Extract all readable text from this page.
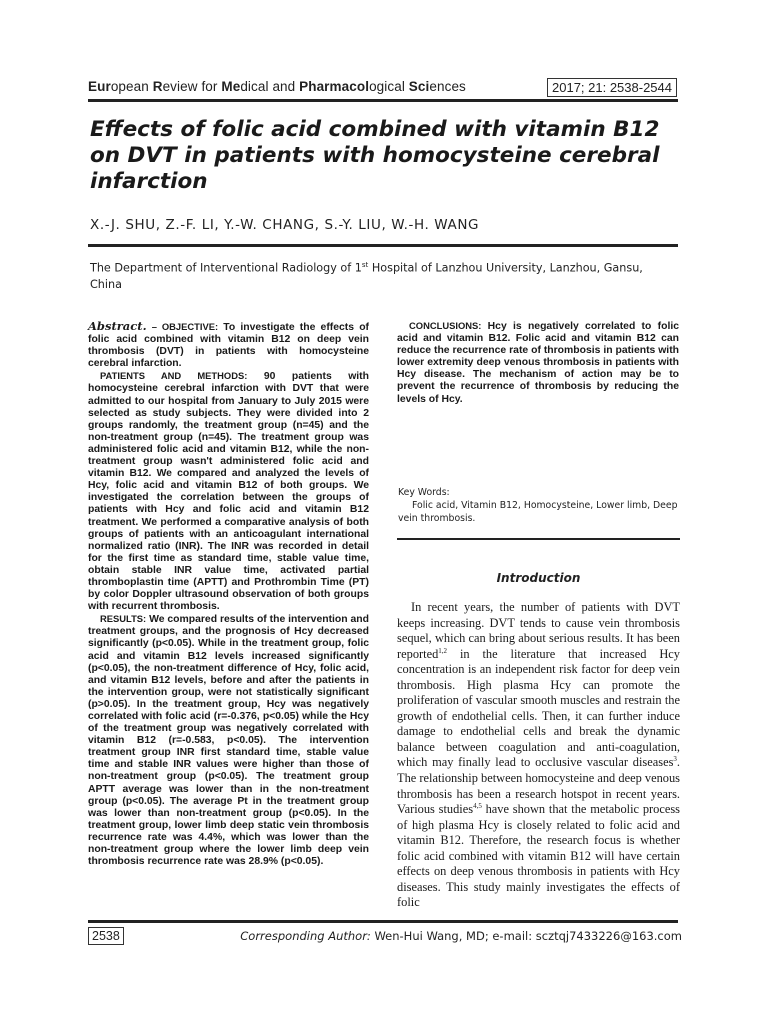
European Review for Medical and Pharmacological Sciences	2017; 21: 2538-2544
Effects of folic acid combined with vitamin B12 on DVT in patients with homocysteine cerebral infarction
X.-J. SHU, Z.-F. LI, Y.-W. CHANG, S.-Y. LIU, W.-H. WANG
The Department of Interventional Radiology of 1st Hospital of Lanzhou University, Lanzhou, Gansu, China

Abstract. – OBJECTIVE: To investigate the effects of folic acid combined with vitamin B12 on deep vein thrombosis (DVT) in patients with homocysteine cerebral infarction.

PATIENTS AND METHODS: 90 patients with homocysteine cerebral infarction with DVT that were admitted to our hospital from January to July 2015 were selected as study subjects. They were divided into 2 groups randomly, the treatment group (n=45) and the non-treatment group (n=45). The treatment group was administered folic acid and vitamin B12, while the non-treatment group wasn't administered folic acid and vitamin B12. We compared and analyzed the levels of Hcy, folic acid and vitamin B12 of both groups. We investigated the correlation between the groups of patients with Hcy and folic acid and vitamin B12 treatment. We performed a comparative analysis of both groups of patients with an anticoagulant international normalized ratio (INR). The INR was recorded in detail for the first time as standard time, stable value time, obtain stable INR value time, activated partial thromboplastin time (APTT) and Prothrombin Time (PT) by color Doppler ultrasound observation of both groups with recurrent thrombosis.

RESULTS: We compared results of the intervention and treatment groups, and the prognosis of Hcy decreased significantly (p<0.05). While in the treatment group, folic acid and vitamin B12 levels increased significantly (p<0.05), the non-treatment difference of Hcy, folic acid, and vitamin B12 levels, before and after the patients in the intervention group, were not statistically significant (p>0.05). In the treatment group, Hcy was negatively correlated with folic acid (r=-0.376, p<0.05) while the Hcy of the treatment group was negatively correlated with vitamin B12 (r=-0.583, p<0.05). The intervention treatment group INR first standard time, stable value time and stable INR values were higher than those of non-treatment group (p<0.05). The treatment group APTT average was lower than in the non-treatment group (p<0.05). The average Pt in the treatment group was lower than non-treatment group (p<0.05). In the treatment group, lower limb deep static vein thrombosis recurrence rate was 4.4%, which was lower than the non-treatment group where the lower limb deep vein thrombosis recurrence rate was 28.9% (p<0.05).

CONCLUSIONS: Hcy is negatively correlated to folic acid and vitamin B12. Folic acid and vitamin B12 can reduce the recurrence rate of thrombosis in patients with lower extremity deep venous thrombosis in patients with Hcy disease. The mechanism of action may be to prevent the recurrence of thrombosis by reducing the levels of Hcy.

Key Words:
Folic acid, Vitamin B12, Homocysteine, Lower limb, Deep vein thrombosis.
Introduction

In recent years, the number of patients with DVT keeps increasing. DVT tends to cause vein thrombosis sequel, which can bring about serious results. It has been reported$^{1,2}$ in the literature that increased Hcy concentration is an independent risk factor for deep vein thrombosis. High plasma Hcy can promote the proliferation of vascular smooth muscles and restrain the growth of endothelial cells. Then, it can further induce damage to endothelial cells and break the dynamic balance between coagulation and anti-coagulation, which may finally lead to occlusive vascular diseases$^3$. The relationship between homocysteine and deep venous thrombosis has been a research hotspot in recent years. Various studies$^{4,5}$ have shown that the metabolic process of high plasma Hcy is closely related to folic acid and vitamin B12. Therefore, the research focus is whether folic acid combined with vitamin B12 will have certain effects on deep venous thrombosis in patients with Hcy diseases. This study mainly investigates the effects of folic

2538	Corresponding Author: Wen-Hui Wang, MD; e-mail: scztqj7433226@163.com
